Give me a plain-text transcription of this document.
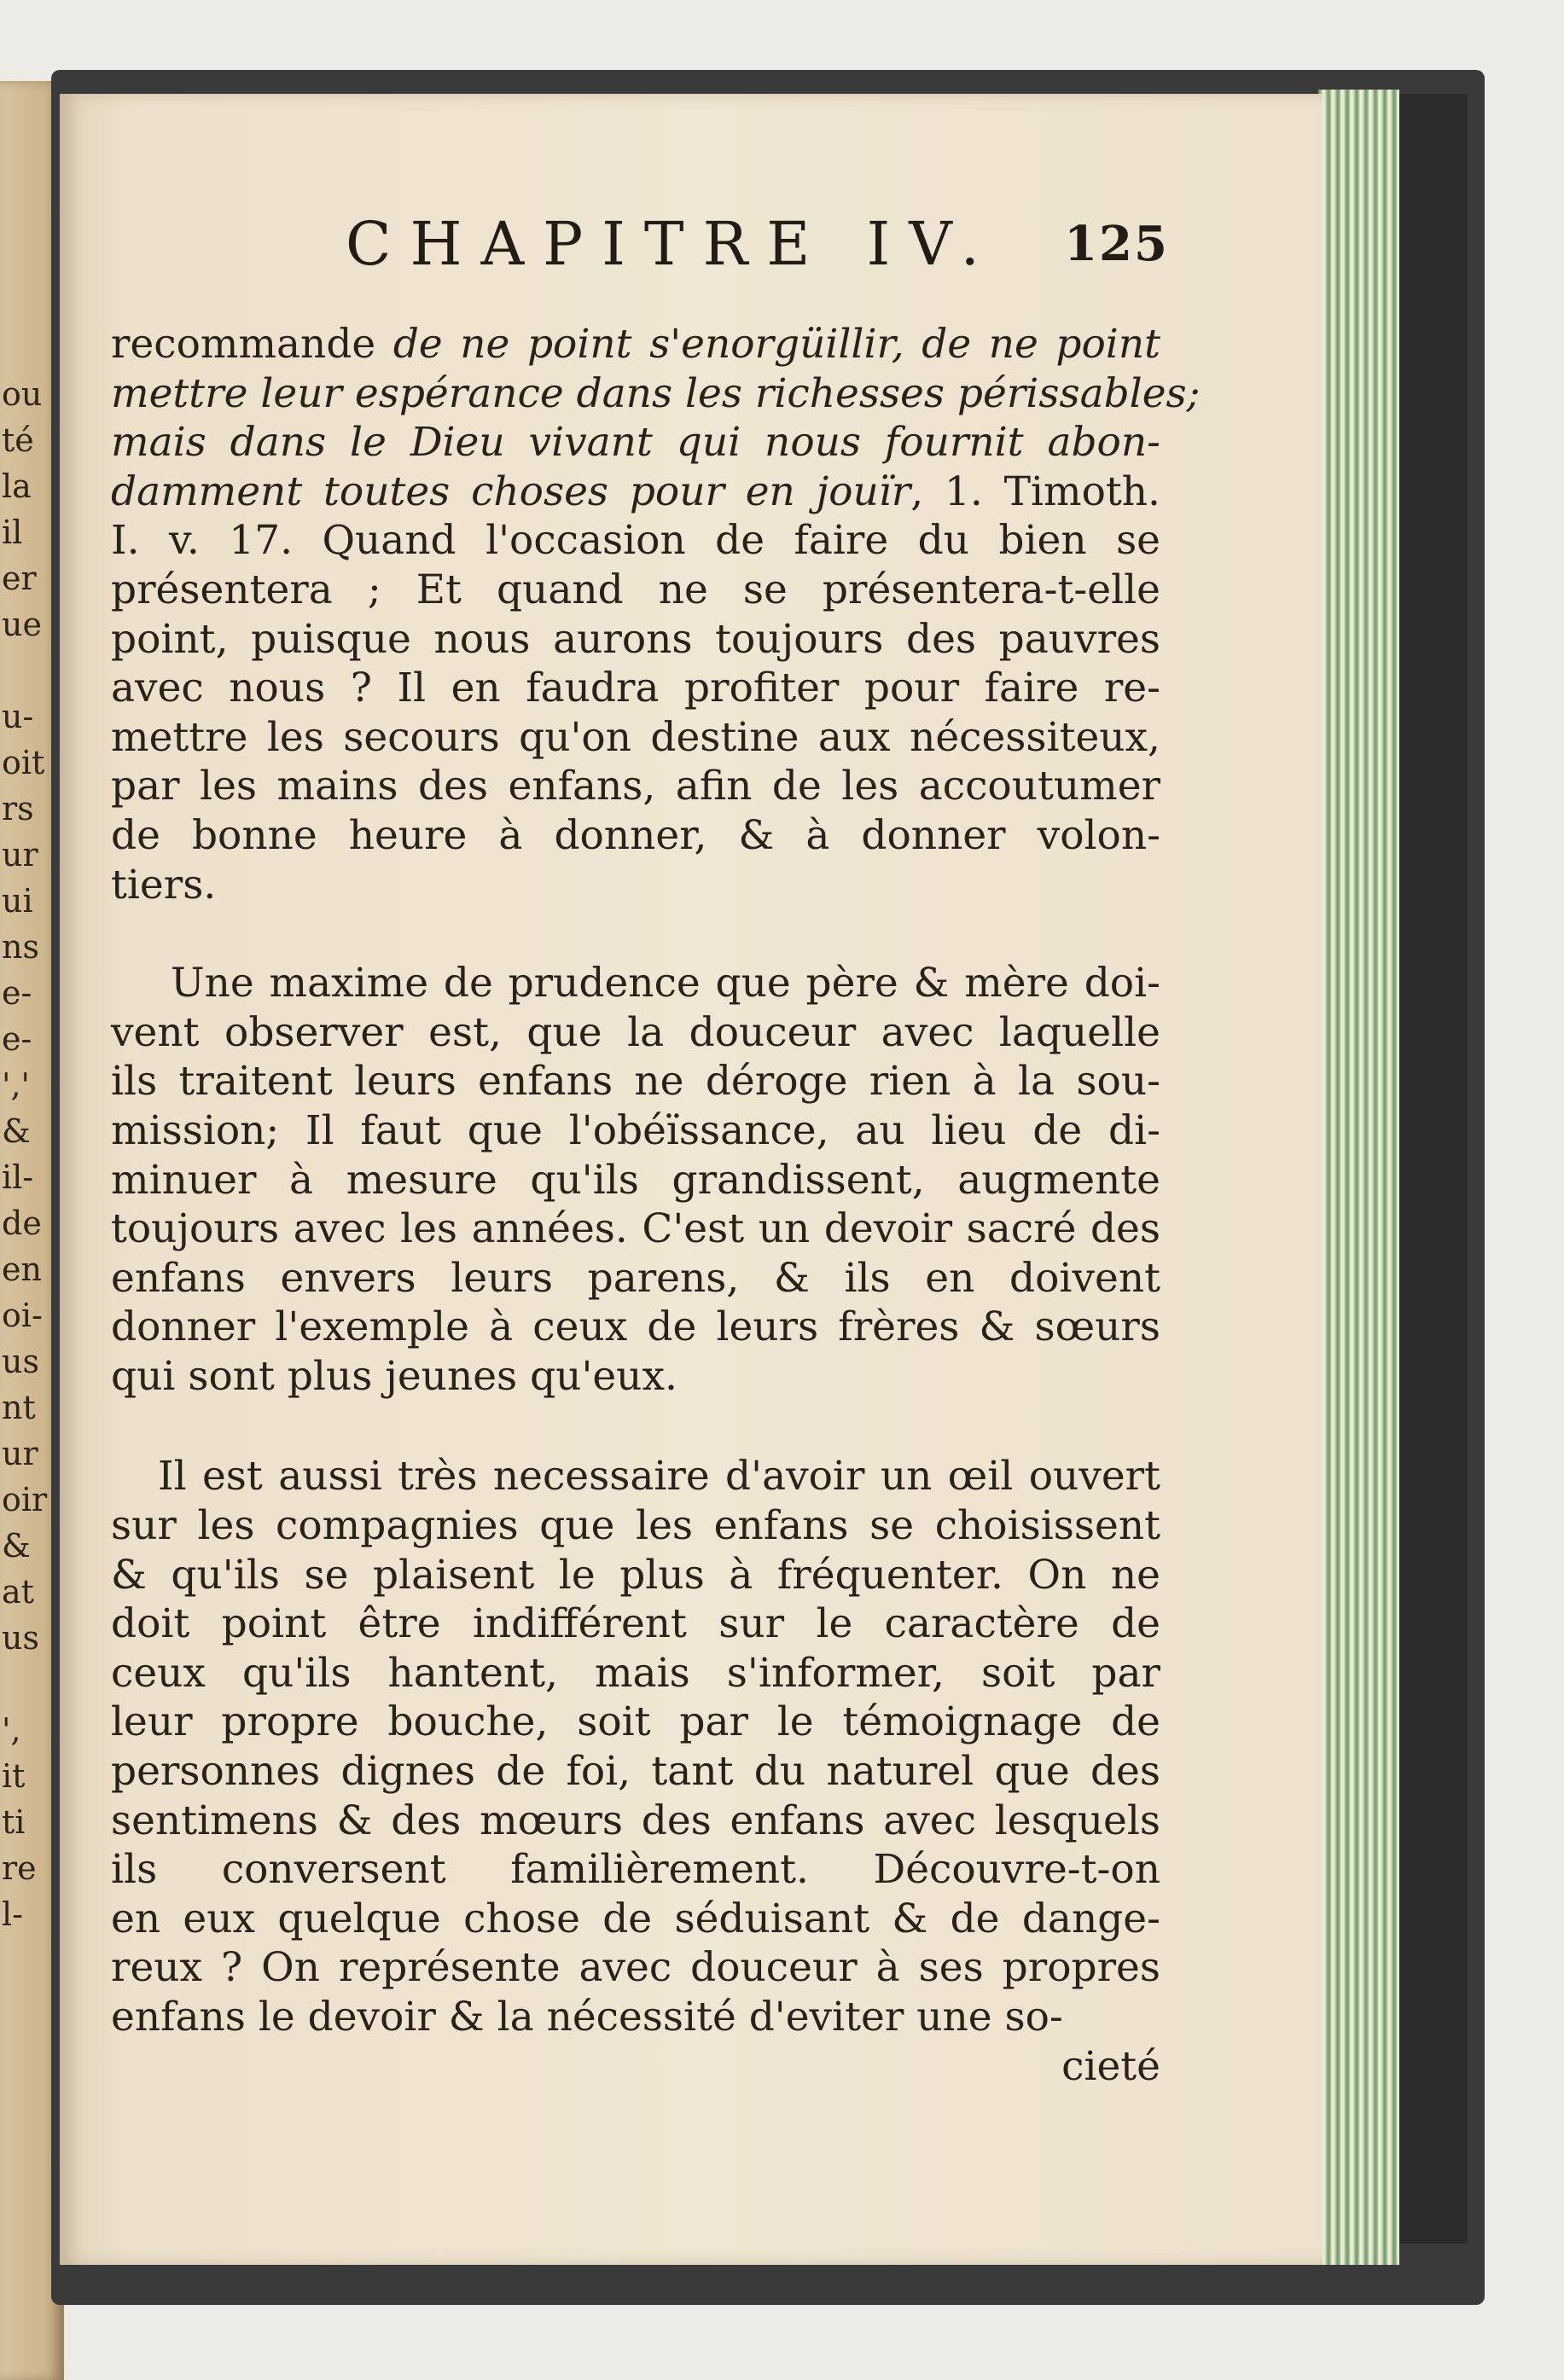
ou
té
la
il
er
ue

u-
oit
rs
ur
ui
ns
e-
e-
','
&
il-
de
en
oi-
us
nt
ur
oir
&
at
us

',
it
ti
re
l-
CHAPITRE IV. 125
recommande de ne point s'enorgüillir, de ne point
mettre leur espérance dans les richesses périssables;
mais dans le Dieu vivant qui nous fournit abon-
damment toutes choses pour en jouïr, 1. Timoth.
I. v. 17. Quand l'occasion de faire du bien se
présentera ; Et quand ne se présentera-t-elle
point, puisque nous aurons toujours des pauvres
avec nous ? Il en faudra profiter pour faire re-
mettre les secours qu'on destine aux nécessiteux,
par les mains des enfans, afin de les accoutumer
de bonne heure à donner, & à donner volon-
tiers.
Une maxime de prudence que père & mère doi-
vent observer est, que la douceur avec laquelle
ils traitent leurs enfans ne déroge rien à la sou-
mission; Il faut que l'obéïssance, au lieu de di-
minuer à mesure qu'ils grandissent, augmente
toujours avec les années. C'est un devoir sacré des
enfans envers leurs parens, & ils en doivent
donner l'exemple à ceux de leurs frères & sœurs
qui sont plus jeunes qu'eux.
Il est aussi très necessaire d'avoir un œil ouvert
sur les compagnies que les enfans se choisissent
& qu'ils se plaisent le plus à fréquenter. On ne
doit point être indifférent sur le caractère de
ceux qu'ils hantent, mais s'informer, soit par
leur propre bouche, soit par le témoignage de
personnes dignes de foi, tant du naturel que des
sentimens & des mœurs des enfans avec lesquels
ils conversent familièrement. Découvre-t-on
en eux quelque chose de séduisant & de dange-
reux ? On représente avec douceur à ses propres
enfans le devoir & la nécessité d'eviter une so-
cieté
